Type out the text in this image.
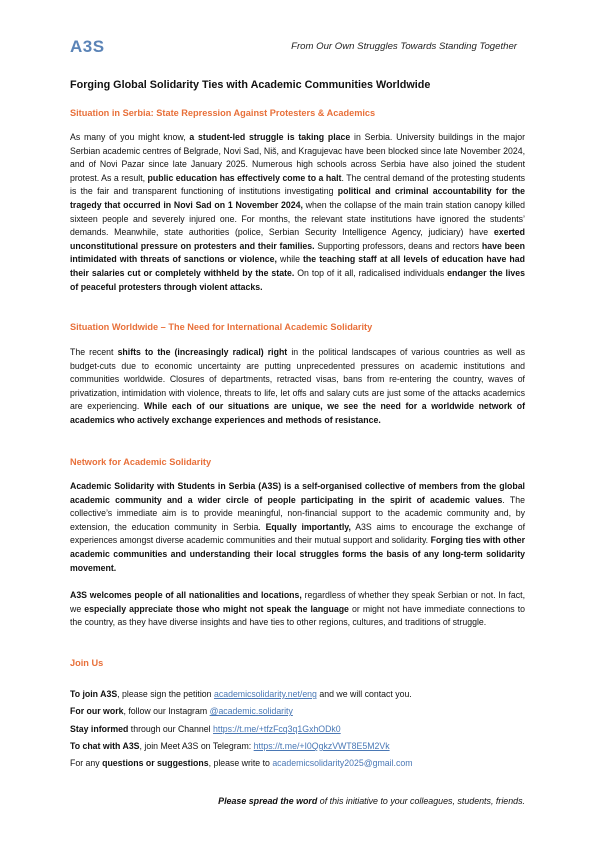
A3S	From Our Own Struggles Towards Standing Together
Forging Global Solidarity Ties with Academic Communities Worldwide
Situation in Serbia: State Repression Against Protesters & Academics
As many of you might know, a student-led struggle is taking place in Serbia. University buildings in the major Serbian academic centres of Belgrade, Novi Sad, Niš, and Kragujevac have been blocked since late November 2024, and of Novi Pazar since late January 2025. Numerous high schools across Serbia have also joined the student protest. As a result, public education has effectively come to a halt. The central demand of the protesting students is the fair and transparent functioning of institutions investigating political and criminal accountability for the tragedy that occurred in Novi Sad on 1 November 2024, when the collapse of the main train station canopy killed sixteen people and severely injured one. For months, the relevant state institutions have ignored the students’ demands. Meanwhile, state authorities (police, Serbian Security Intelligence Agency, judiciary) have exerted unconstitutional pressure on protesters and their families. Supporting professors, deans and rectors have been intimidated with threats of sanctions or violence, while the teaching staff at all levels of education have had their salaries cut or completely withheld by the state. On top of it all, radicalised individuals endanger the lives of peaceful protesters through violent attacks.
Situation Worldwide – The Need for International Academic Solidarity
The recent shifts to the (increasingly radical) right in the political landscapes of various countries as well as budget-cuts due to economic uncertainty are putting unprecedented pressures on academic institutions and communities worldwide. Closures of departments, retracted visas, bans from re-entering the country, waves of privatization, intimidation with violence, threats to life, let offs and salary cuts are just some of the attacks academics are experiencing. While each of our situations are unique, we see the need for a worldwide network of academics who actively exchange experiences and methods of resistance.
Network for Academic Solidarity
Academic Solidarity with Students in Serbia (A3S) is a self-organised collective of members from the global academic community and a wider circle of people participating in the spirit of academic values. The collective’s immediate aim is to provide meaningful, non-financial support to the academic community and, by extension, the education community in Serbia. Equally importantly, A3S aims to encourage the exchange of experiences amongst diverse academic communities and their mutual support and solidarity. Forging ties with other academic communities and understanding their local struggles forms the basis of any long-term solidarity movement.
A3S welcomes people of all nationalities and locations, regardless of whether they speak Serbian or not. In fact, we especially appreciate those who might not speak the language or might not have immediate connections to the country, as they have diverse insights and have ties to other regions, cultures, and traditions of struggle.
Join Us
To join A3S, please sign the petition academicsolidarity.net/eng and we will contact you.
For our work, follow our Instagram @academic.solidarity
Stay informed through our Channel https://t.me/+tfzFcq3q1GxhODk0
To chat with A3S, join Meet A3S on Telegram: https://t.me/+I0QgkzVWT8E5M2Vk
For any questions or suggestions, please write to academicsolidarity2025@gmail.com
Please spread the word of this initiative to your colleagues, students, friends.
